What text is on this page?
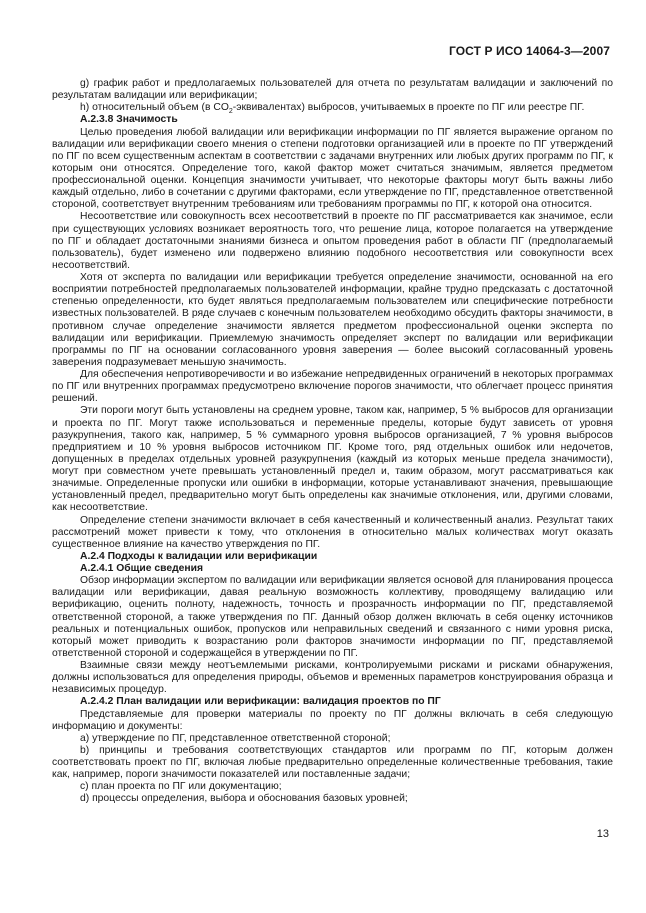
ГОСТ Р ИСО 14064-3—2007

g) график работ и предлолагаемых пользователей для отчета по результатам валидации и заключений по результатам валидации или верификации;

h) относительный объем (в $CO_2-эквивалентах$) выбросов, учитываемых в проекте по ПГ или реестре ПГ.

А.2.3.8 Значимость

Целью проведения любой валидации или верификации информации по ПГ является выражение органом по валидации или верификации своего мнения о степени подготовки организацией или в проекте по ПГ утверждений по ПГ по всем существенным аспектам в соответствии с задачами внутренних или любых других программ по ПГ, к которым они относятся. Определение того, какой фактор может считаться значимым, является предметом профессиональной оценки. Концепция значимости учитывает, что некоторые факторы могут быть важны либо каждый отдельно, либо в сочетании с другими факторами, если утверждение по ПГ, представленное ответственной стороной, соответствует внутренним требованиям или требованиям программы по ПГ, к которой она относится.

Несоответствие или совокупность всех несоответствий в проекте по ПГ рассматривается как значимое, если при существующих условиях возникает вероятность того, что решение лица, которое полагается на утверждение по ПГ и обладает достаточными знаниями бизнеса и опытом проведения работ в области ПГ (предполагаемый пользователь), будет изменено или подвержено влиянию подобного несоответствия или совокупности всех несоответствий.

Хотя от эксперта по валидации или верификации требуется определение значимости, основанной на его восприятии потребностей предполагаемых пользователей информации, крайне трудно предсказать с достаточной степенью определенности, кто будет являться предполагаемым пользователем или специфические потребности известных пользователей. В ряде случаев с конечным пользователем необходимо обсудить факторы значимости, в противном случае определение значимости является предметом профессиональной оценки эксперта по валидации или верификации. Приемлемую значимость определяет эксперт по валидации или верификации программы по ПГ на основании согласованного уровня заверения — более высокий согласованный уровень заверения подразумевает меньшую значимость.

Для обеспечения непротиворечивости и во избежание непредвиденных ограничений в некоторых программах по ПГ или внутренних программах предусмотрено включение порогов значимости, что облегчает процесс принятия решений.

Эти пороги могут быть установлены на среднем уровне, таком как, например, 5 % выбросов для организации и проекта по ПГ. Могут также использоваться и переменные пределы, которые будут зависеть от уровня разукрупнения, такого как, например, 5 % суммарного уровня выбросов организацией, 7 % уровня выбросов предприятием и 10 % уровня выбросов источником ПГ. Кроме того, ряд отдельных ошибок или недочетов, допущенных в пределах отдельных уровней разукрупнения (каждый из которых меньше предела значимости), могут при совместном учете превышать установленный предел и, таким образом, могут рассматриваться как значимые. Определенные пропуски или ошибки в информации, которые устанавливают значения, превышающие установленный предел, предварительно могут быть определены как значимые отклонения, или, другими словами, как несоответствие.

Определение степени значимости включает в себя качественный и количественный анализ. Результат таких рассмотрений может привести к тому, что отклонения в относительно малых количествах могут оказать существенное влияние на качество утверждения по ПГ.

А.2.4 Подходы к валидации или верификации

А.2.4.1 Общие сведения

Обзор информации экспертом по валидации или верификации является основой для планирования процесса валидации или верификации, давая реальную возможность коллективу, проводящему валидацию или верификацию, оценить полноту, надежность, точность и прозрачность информации по ПГ, представляемой ответственной стороной, а также утверждения по ПГ. Данный обзор должен включать в себя оценку источников реальных и потенциальных ошибок, пропусков или неправильных сведений и связанного с ними уровня риска, который может приводить к возрастанию роли факторов значимости информации по ПГ, представляемой ответственной стороной и содержащейся в утверждении по ПГ.

Взаимные связи между неотъемлемыми рисками, контролируемыми рисками и рисками обнаружения, должны использоваться для определения природы, объемов и временных параметров конструирования образца и независимых процедур.

А.2.4.2 План валидации или верификации: валидация проектов по ПГ

Представляемые для проверки материалы по проекту по ПГ должны включать в себя следующую информацию и документы:

a) утверждение по ПГ, представленное ответственной стороной;

b) принципы и требования соответствующих стандартов или программ по ПГ, которым должен соответствовать проект по ПГ, включая любые предварительно определенные количественные требования, такие как, например, пороги значимости показателей или поставленные задачи;

c) план проекта по ПГ или документацию;

d) процессы определения, выбора и обоснования базовых уровней;

13
